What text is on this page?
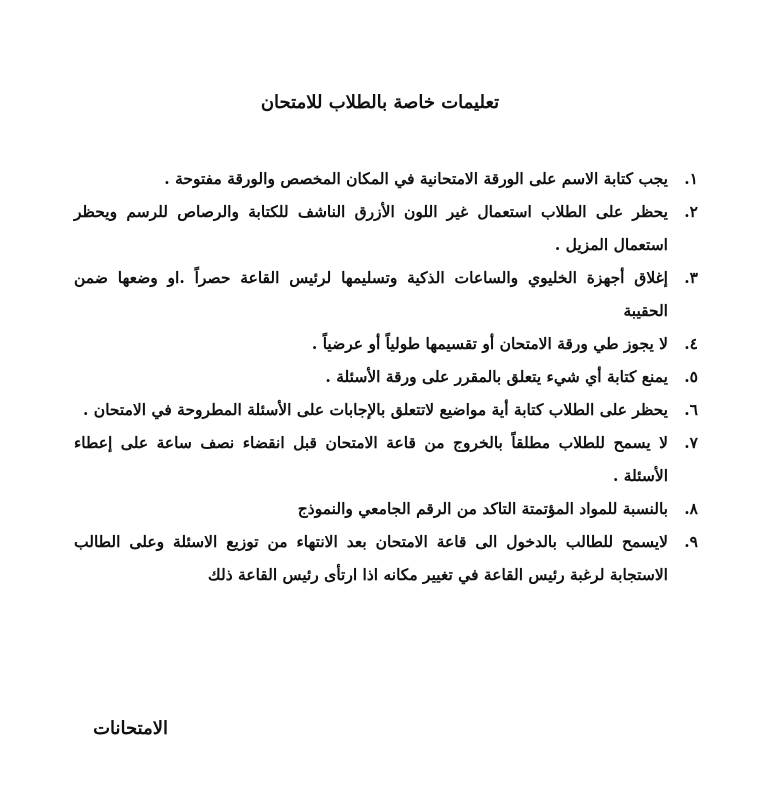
تعليمات خاصة بالطلاب للامتحان
١.
يجب كتابة الاسم على الورقة الامتحانية في المكان المخصص والورقة مفتوحة .
٢.
يحظر على الطلاب استعمال غير اللون الأزرق الناشف للكتابة والرصاص للرسم ويحظر استعمال المزيل .
٣.
إغلاق أجهزة الخليوي والساعات الذكية وتسليمها لرئيس القاعة حصراً .او وضعها ضمن الحقيبة
٤.
لا يجوز طي ورقة الامتحان أو تقسيمها طولياً أو عرضياً .
٥.
يمنع كتابة أي شيء يتعلق بالمقرر على ورقة الأسئلة .
٦.
يحظر على الطلاب كتابة أية مواضيع لاتتعلق بالإجابات على الأسئلة المطروحة في الامتحان .
٧.
لا يسمح للطلاب مطلقاً بالخروج من قاعة الامتحان قبل انقضاء نصف ساعة على إعطاء الأسئلة .
٨.
بالنسبة للمواد المؤتمتة التاكد من الرقم الجامعي والنموذج
٩.
لايسمح للطالب بالدخول الى قاعة الامتحان بعد الانتهاء من توزيع الاسئلة وعلى الطالب الاستجابة لرغبة رئيس القاعة في تغيير مكانه اذا ارتأى رئيس القاعة ذلك
الامتحانات
